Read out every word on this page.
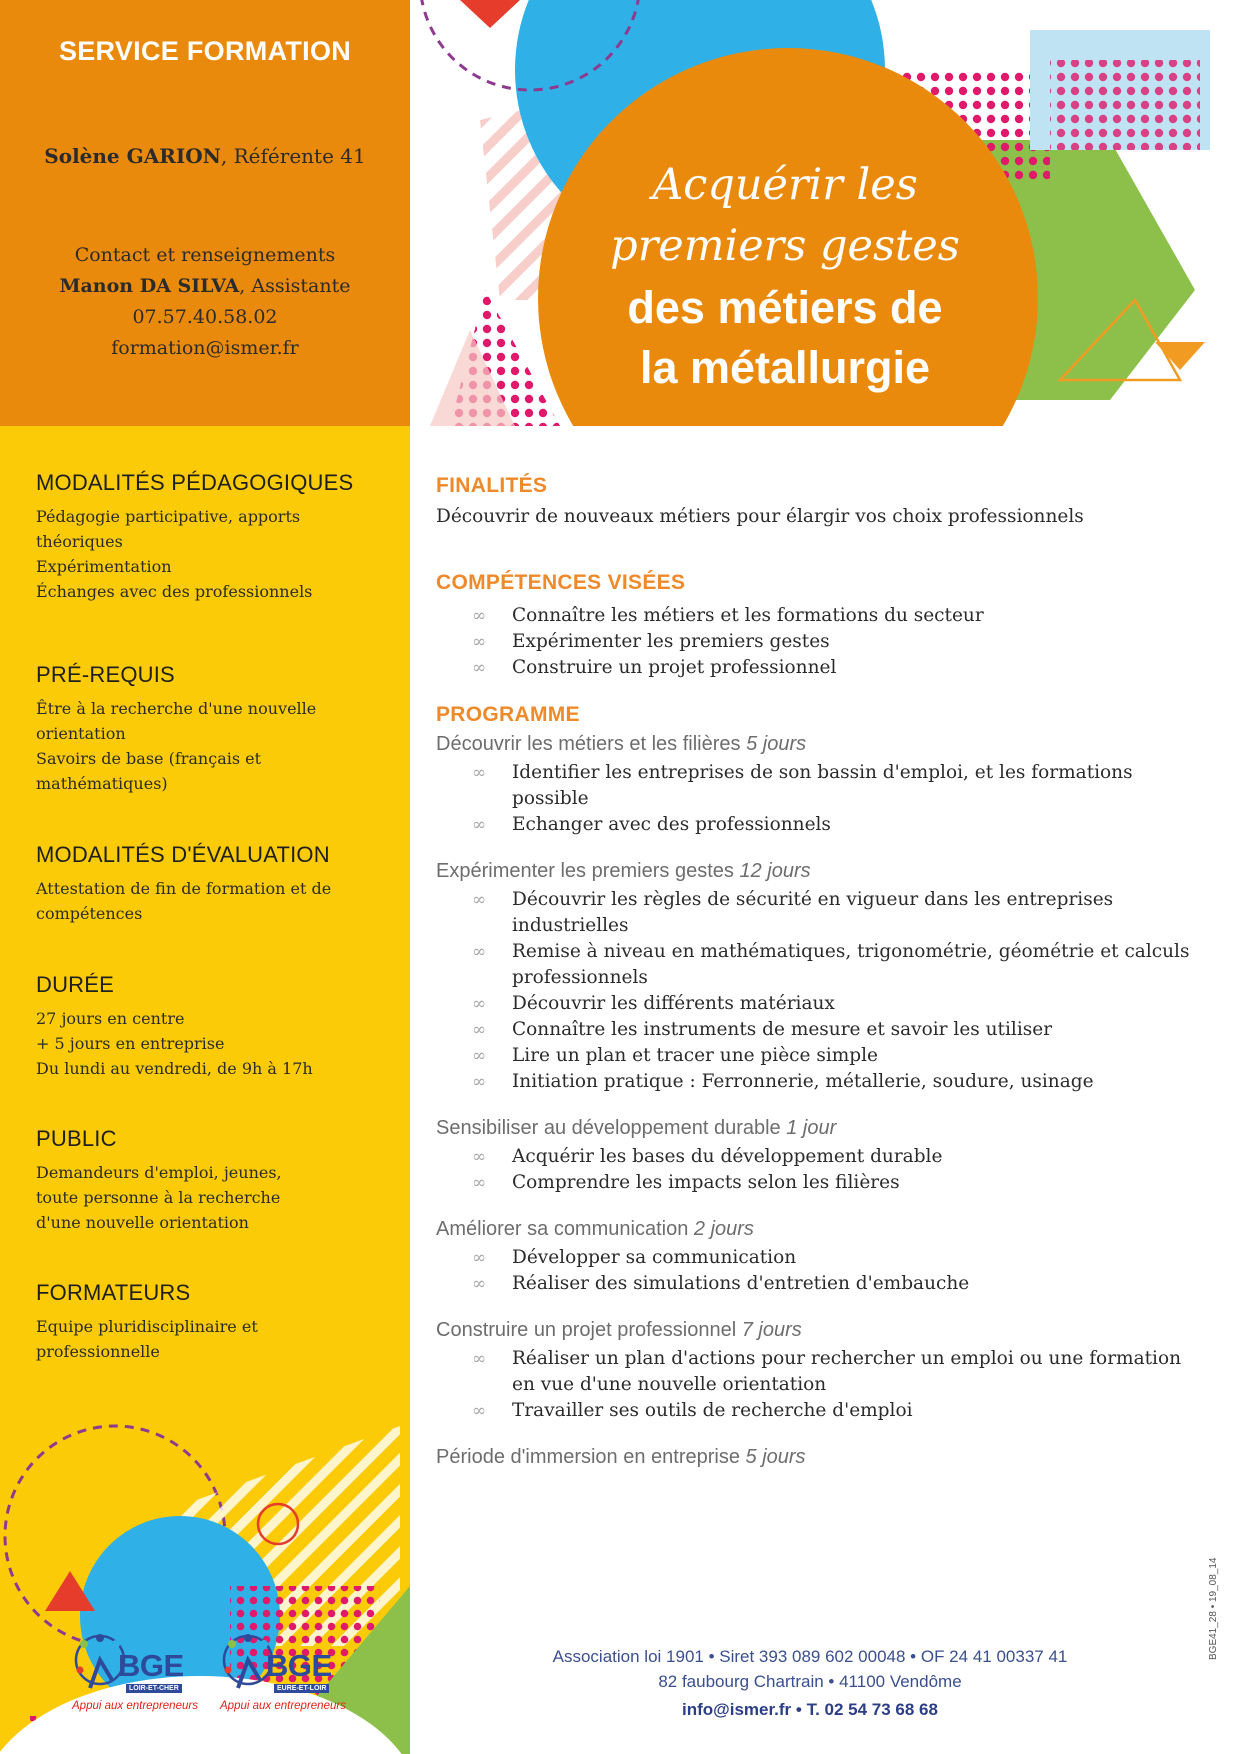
SERVICE FORMATION
Solène GARION, Référente 41
Contact et renseignements
Manon DA SILVA, Assistante
07.57.40.58.02
formation@ismer.fr
Acquérir les
premiers gestes
des métiers de
la métallurgie
MODALITÉS PÉDAGOGIQUES
Pédagogie participative, apports
théoriques
Expérimentation
Échanges avec des professionnels
PRÉ-REQUIS
Être à la recherche d'une nouvelle
orientation
Savoirs de base (français et
mathématiques)
MODALITÉS D'ÉVALUATION
Attestation de fin de formation et de
compétences
DURÉE
27 jours en centre
+ 5 jours en entreprise
Du lundi au vendredi, de 9h à 17h
PUBLIC
Demandeurs d'emploi, jeunes,
toute personne à la recherche
d'une nouvelle orientation
FORMATEURS
Equipe pluridisciplinaire et
professionnelle
BGE
LOIR-ET-CHER
Appui aux entrepreneurs
BGE
EURE-ET-LOIR
Appui aux entrepreneurs
FINALITÉS
Découvrir de nouveaux métiers pour élargir vos choix professionnels
COMPÉTENCES VISÉES
∞ Connaître les métiers et les formations du secteur
∞ Expérimenter les premiers gestes
∞ Construire un projet professionnel
PROGRAMME
Découvrir les métiers et les filières 5 jours
∞ Identifier les entreprises de son bassin d'emploi, et les formations possible
∞ Echanger avec des professionnels
Expérimenter les premiers gestes 12 jours
∞ Découvrir les règles de sécurité en vigueur dans les entreprises industrielles
∞ Remise à niveau en mathématiques, trigonométrie, géométrie et calculs professionnels
∞ Découvrir les différents matériaux
∞ Connaître les instruments de mesure et savoir les utiliser
∞ Lire un plan et tracer une pièce simple
∞ Initiation pratique : Ferronnerie, métallerie, soudure, usinage
Sensibiliser au développement durable 1 jour
∞ Acquérir les bases du développement durable
∞ Comprendre les impacts selon les filières
Améliorer sa communication 2 jours
∞ Développer sa communication
∞ Réaliser des simulations d'entretien d'embauche
Construire un projet professionnel 7 jours
∞ Réaliser un plan d'actions pour rechercher un emploi ou une formation en vue d'une nouvelle orientation
∞ Travailler ses outils de recherche d'emploi
Période d'immersion en entreprise 5 jours
Association loi 1901 • Siret 393 089 602 00048 • OF 24 41 00337 41
82 faubourg Chartrain • 41100 Vendôme
info@ismer.fr • T. 02 54 73 68 68
BGE41_28 • 19_08_14
